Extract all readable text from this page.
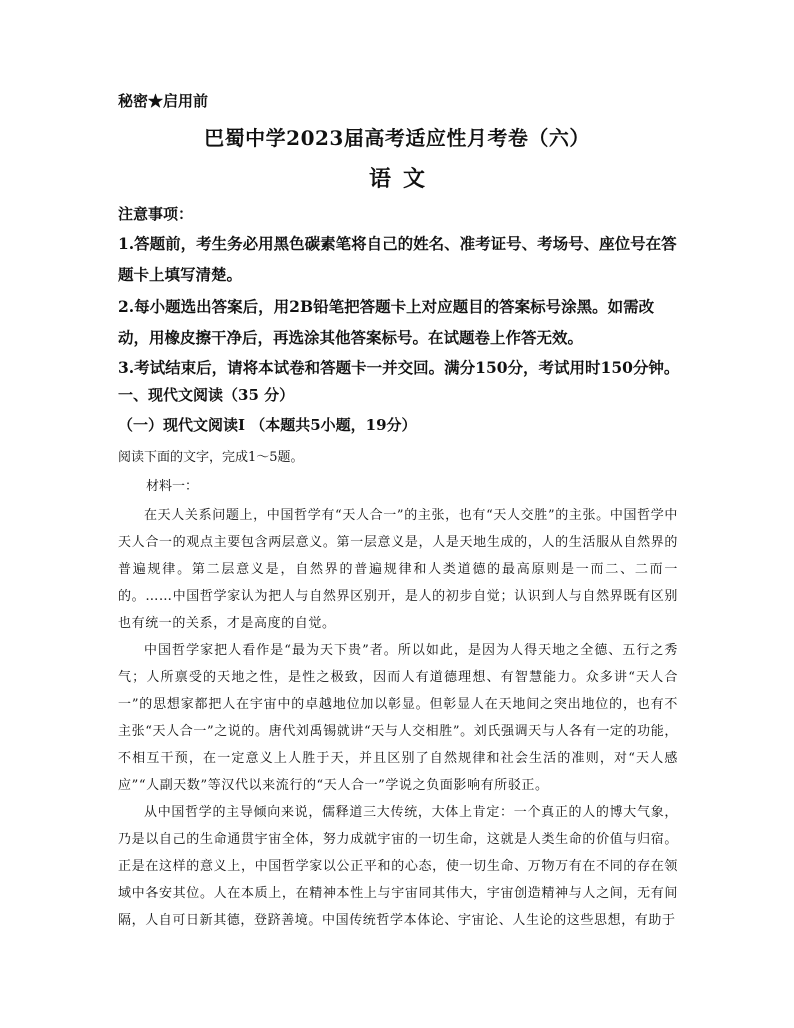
秘密★启用前
巴蜀中学2023届高考适应性月考卷（六）
语文
注意事项：
1.答题前，考生务必用黑色碳素笔将自己的姓名、准考证号、考场号、座位号在答题卡上填写清楚。
2.每小题选出答案后，用2B铅笔把答题卡上对应题目的答案标号涂黑。如需改动，用橡皮擦干净后，再选涂其他答案标号。在试题卷上作答无效。
3.考试结束后，请将本试卷和答题卡一并交回。满分150分，考试用时150分钟。
一、现代文阅读（35 分）
（一）现代文阅读Ⅰ （本题共5小题，19分）
阅读下面的文字，完成1～5题。
材料一：
在天人关系问题上，中国哲学有“天人合一”的主张，也有“天人交胜”的主张。中国哲学中天人合一的观点主要包含两层意义。第一层意义是，人是天地生成的，人的生活服从自然界的普遍规律。第二层意义是，自然界的普遍规律和人类道德的最高原则是一而二、二而一的。……中国哲学家认为把人与自然界区别开，是人的初步自觉；认识到人与自然界既有区别也有统一的关系，才是高度的自觉。
中国哲学家把人看作是“最为天下贵”者。所以如此，是因为人得天地之全德、五行之秀气；人所禀受的天地之性，是性之极致，因而人有道德理想、有智慧能力。众多讲“天人合一”的思想家都把人在宇宙中的卓越地位加以彰显。但彰显人在天地间之突出地位的，也有不主张“天人合一”之说的。唐代刘禹锡就讲“天与人交相胜”。刘氏强调天与人各有一定的功能，不相互干预，在一定意义上人胜于天，并且区别了自然规律和社会生活的准则，对“天人感应”“人副天数”等汉代以来流行的“天人合一”学说之负面影响有所驳正。
从中国哲学的主导倾向来说，儒释道三大传统，大体上肯定：一个真正的人的博大气象，乃是以自己的生命通贯宇宙全体，努力成就宇宙的一切生命，这就是人类生命的价值与归宿。正是在这样的意义上，中国哲学家以公正平和的心态，使一切生命、万物万有在不同的存在领域中各安其位。人在本质上，在精神本性上与宇宙同其伟大，宇宙创造精神与人之间，无有间隔，人自可日新其德，登跻善境。中国传统哲学本体论、宇宙论、人生论的这些思想，有助于
